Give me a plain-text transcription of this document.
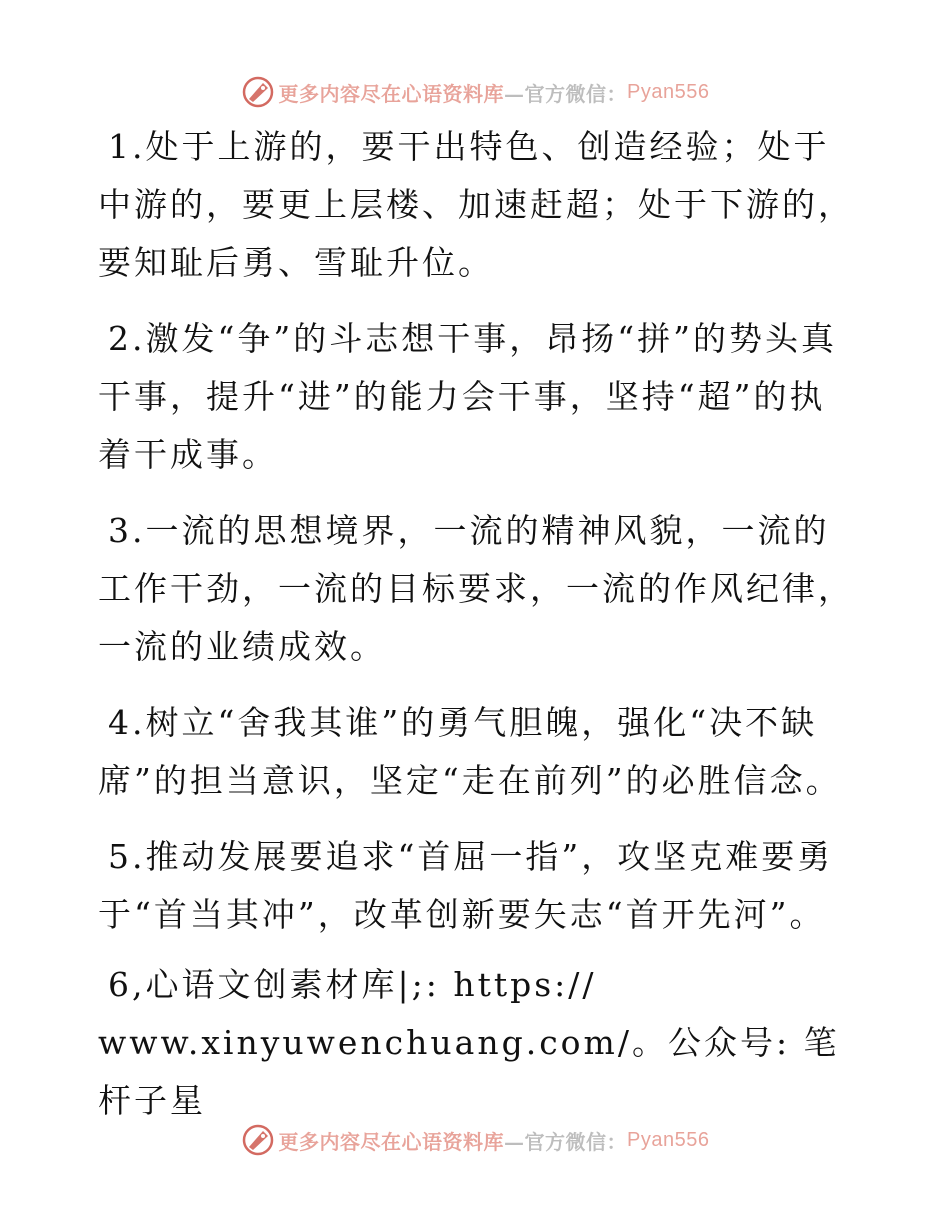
更多内容尽在心语资料库 —官方微信： Pyan556

1.处于上游的，要干出特色、创造经验；处于中游的，要更上层楼、加速赶超；处于下游的，要知耻后勇、雪耻升位。

2.激发“争”的斗志想干事，昂扬“拼”的势头真干事，提升“进”的能力会干事，坚持“超”的执着干成事。

3.一流的思想境界，一流的精神风貌，一流的工作干劲，一流的目标要求，一流的作风纪律，一流的业绩成效。

4.树立“舍我其谁”的勇气胆魄，强化“决不缺席”的担当意识，坚定“走在前列”的必胜信念。

5.推动发展要追求“首屈一指”，攻坚克难要勇于“首当其冲”，改革创新要矢志“首开先河”。

6,心语文创素材库|;: https://
www.xinyuwenchuang.com/。公众号: 笔杆子星

更多内容尽在心语资料库 —官方微信： Pyan556
